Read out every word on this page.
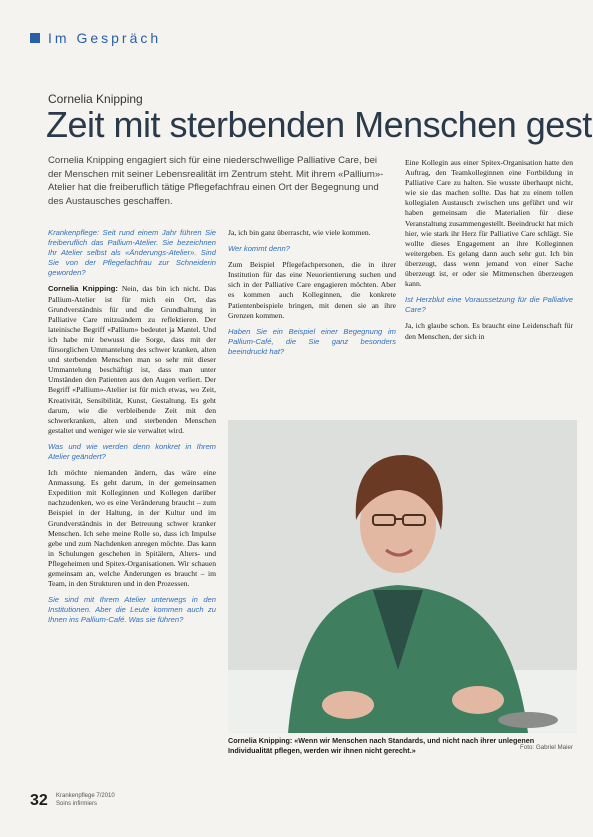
Im Gespräch
Cornelia Knipping
Zeit mit sterbenden Menschen gest
Cornelia Knipping engagiert sich für eine niederschwellige Palliative Care, bei der Menschen mit seiner Lebensrealität im Zentrum steht. Mit ihrem «Pallium»-Atelier hat die freiberuflich tätige Pflegefachfrau einen Ort der Begegnung und des Austausches geschaffen.

Krankenpflege: Seit rund einem Jahr führen Sie freiberuflich das Pallium-Atelier. Sie bezeichnen Ihr Atelier selbst als «Änderungs-Atelier». Sind Sie von der Pflegefachfrau zur Schneiderin geworden?

Cornelia Knipping: Nein, das bin ich nicht. Das Pallium-Atelier ist für mich ein Ort, das Grundverständnis für und die Grundhaltung in Palliative Care mitzuändern zu reflektieren. Der lateinische Begriff «Pallium» bedeutet ja Mantel. Und ich habe mir bewusst die Sorge, dass mit der fürsorglichen Ummantelung des schwer kranken, alten und sterbenden Menschen man so sehr mit dieser Ummantelung beschäftigt ist, dass man unter Umständen den Patienten aus den Augen verliert. Der Begriff «Pallium»-Atelier ist für mich etwas, wo Zeit, Kreativität, Sensibilität, Kunst, Gestaltung. Es geht darum, wie die verbleibende Zeit mit den schwerkranken, alten und sterbenden Menschen gestaltet und weniger wie sie verwaltet wird.

Was und wie werden denn konkret in Ihrem Atelier geändert?

Ich möchte niemanden ändern, das wäre eine Anmassung. Es geht darum, in der gemeinsamen Expedition mit Kolleginnen und Kollegen darüber nachzudenken, wo es eine Veränderung braucht – zum Beispiel in der Haltung, in der Kultur und im Grundverständnis in der Betreuung schwer kranker Menschen. Ich sehe meine Rolle so, dass ich Impulse gebe und zum Nachdenken anregen möchte. Das kann in Schulungen geschehen in Spitälern, Alters- und Pflegeheimen und Spitex-Organisationen. Wir schauen gemeinsam an, welche Änderungen es braucht – im Team, in den Strukturen und in den Prozessen.

Sie sind mit Ihrem Atelier unterwegs in den Institutionen. Aber die Leute kommen auch zu Ihnen ins Pallium-Café. Was sie führen?

Ja, ich bin ganz überrascht, wie viele kommen.

Wer kommt denn?

Zum Beispiel Pflegefachpersonen, die in ihrer Institution für das eine Neuorientierung suchen und sich in der Palliative Care engagieren möchten. Aber es kommen auch Kolleginnen, die konkrete Patientenbeispiele bringen, mit denen sie an ihre Grenzen kommen.

Haben Sie ein Beispiel einer Begegnung im Pallium-Café, die Sie ganz besonders beeindruckt hat?

Eine Kollegin aus einer Spitex-Organisation hatte den Auftrag, den Teamkolleginnen eine Fortbildung in Palliative Care zu halten. Sie wusste überhaupt nicht, wie sie das machen sollte. Das hat zu einem tollen kollegialen Austausch zwischen uns geführt und wir haben gemeinsam die Materialien für diese Veranstaltung zusammengestellt. Beeindruckt hat mich hier, wie stark ihr Herz für Palliative Care schlägt. Sie wollte dieses Engagement an ihre Kolleginnen weitergeben. Es gelang dann auch sehr gut. Ich bin überzeugt, dass wenn jemand von einer Sache überzeugt ist, er oder sie Mitmenschen überzeugen kann.

Ist Herzblut eine Voraussetzung für die Palliative Care?

Ja, ich glaube schon. Es braucht eine Leidenschaft für den Menschen, der sich in

Cornelia Knipping: «Wenn wir Menschen nach Standards, und nicht nach ihrer unlegenen Individualität pflegen, werden wir ihnen nicht gerecht.»	Foto: Gabriel Maier
32 Krankenpflege 7/2010
Soins infirmiers
